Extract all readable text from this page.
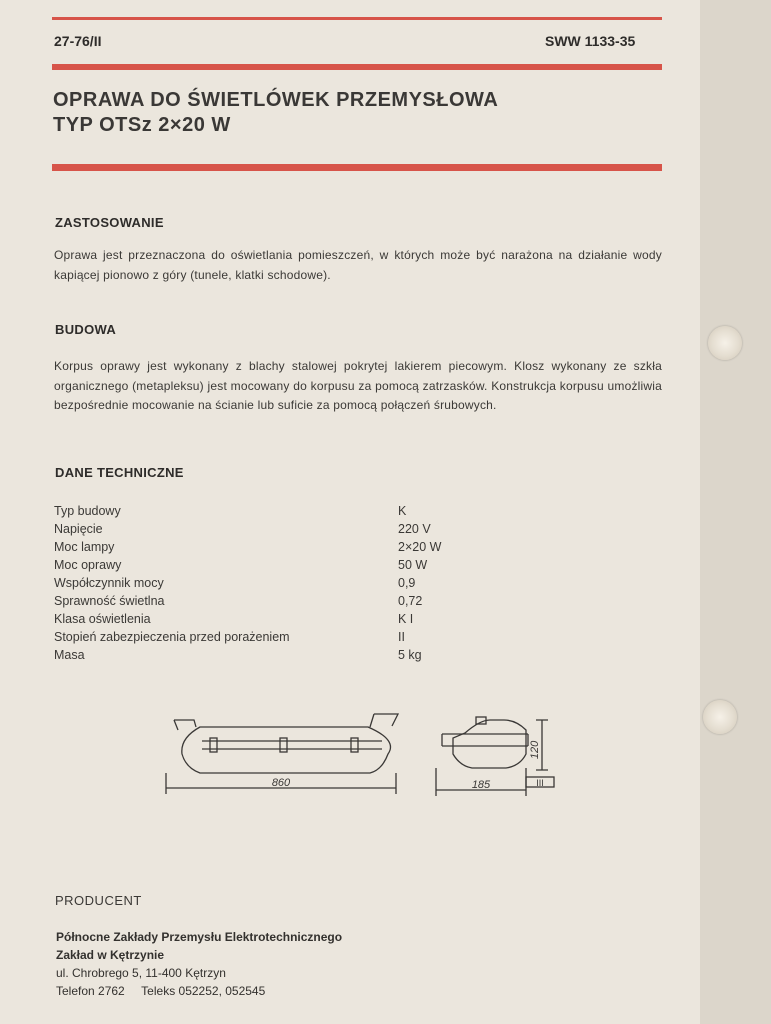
27-76/II	SWW 1133-35
OPRAWA DO ŚWIETLÓWEK PRZEMYSŁOWA
TYP OTSz 2×20 W
ZASTOSOWANIE
Oprawa jest przeznaczona do oświetlania pomieszczeń, w których może być narażona na działanie wody kapiącej pionowo z góry (tunele, klatki schodowe).
BUDOWA
Korpus oprawy jest wykonany z blachy stalowej pokrytej lakierem piecowym. Klosz wykonany ze szkła organicznego (metapleksu) jest mocowany do korpusu za pomocą zatrzasków. Konstrukcja korpusu umożliwia bezpośrednie mocowanie na ścianie lub suficie za pomocą połączeń śrubowych.
DANE TECHNICZNE
Typ budowy	K
Napięcie	220 V
Moc lampy	2×20 W
Moc oprawy	50 W
Współczynnik mocy	0,9
Sprawność świetlna	0,72
Klasa oświetlenia	K I
Stopień zabezpieczenia przed porażeniem	II
Masa	5 kg
860	185
120
III
PRODUCENT
Północne Zakłady Przemysłu Elektrotechnicznego
Zakład w Kętrzynie
ul. Chrobrego 5, 11-400 Kętrzyn
Telefon 2762     Teleks 052252, 052545
